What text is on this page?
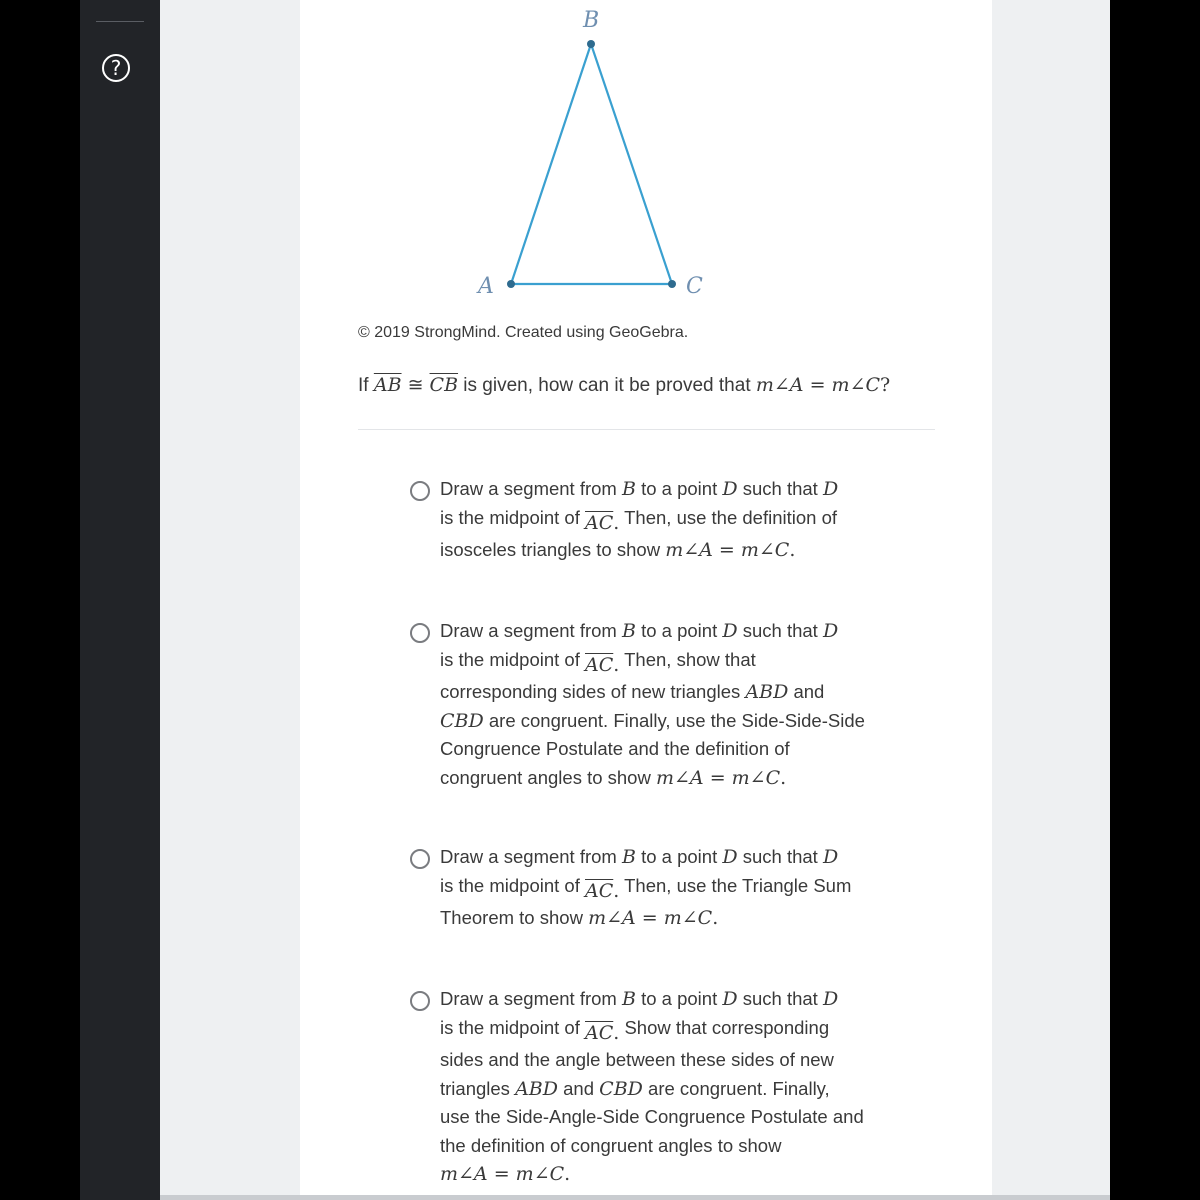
?
B
A	C
© 2019 StrongMind. Created using GeoGebra.
If $\overline{AB}$ ≅ $\overline{CB}$ is given, how can it be proved that m∠A = m∠C?

Draw a segment from B to a point D such that D

is the midpoint of $\overline{AC}$. Then, use the definition of

isosceles triangles to show m∠A = m∠C.

Draw a segment from B to a point D such that D

is the midpoint of $\overline{AC}$. Then, show that

corresponding sides of new triangles ABD and

CBD are congruent. Finally, use the Side-Side-Side

Congruence Postulate and the definition of

congruent angles to show m∠A = m∠C.

Draw a segment from B to a point D such that D

is the midpoint of $\overline{AC}$. Then, use the Triangle Sum

Theorem to show m∠A = m∠C.

Draw a segment from B to a point D such that D

is the midpoint of $\overline{AC}$. Show that corresponding

sides and the angle between these sides of new

triangles ABD and CBD are congruent. Finally,

use the Side-Angle-Side Congruence Postulate and

the definition of congruent angles to show

m∠A = m∠C.
